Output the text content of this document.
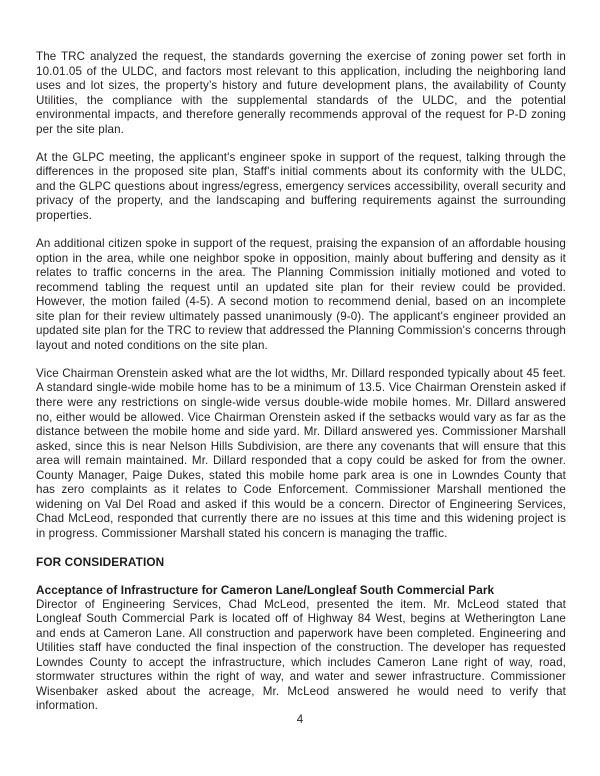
The TRC analyzed the request, the standards governing the exercise of zoning power set forth in 10.01.05 of the ULDC, and factors most relevant to this application, including the neighboring land uses and lot sizes, the property’s history and future development plans, the availability of County Utilities, the compliance with the supplemental standards of the ULDC, and the potential environmental impacts, and therefore generally recommends approval of the request for P-D zoning per the site plan.

At the GLPC meeting, the applicant's engineer spoke in support of the request, talking through the differences in the proposed site plan, Staff's initial comments about its conformity with the ULDC, and the GLPC questions about ingress/egress, emergency services accessibility, overall security and privacy of the property, and the landscaping and buffering requirements against the surrounding properties.

An additional citizen spoke in support of the request, praising the expansion of an affordable housing option in the area, while one neighbor spoke in opposition, mainly about buffering and density as it relates to traffic concerns in the area. The Planning Commission initially motioned and voted to recommend tabling the request until an updated site plan for their review could be provided. However, the motion failed (4-5). A second motion to recommend denial, based on an incomplete site plan for their review ultimately passed unanimously (9-0). The applicant's engineer provided an updated site plan for the TRC to review that addressed the Planning Commission's concerns through layout and noted conditions on the site plan.

Vice Chairman Orenstein asked what are the lot widths, Mr. Dillard responded typically about 45 feet. A standard single-wide mobile home has to be a minimum of 13.5. Vice Chairman Orenstein asked if there were any restrictions on single-wide versus double-wide mobile homes. Mr. Dillard answered no, either would be allowed. Vice Chairman Orenstein asked if the setbacks would vary as far as the distance between the mobile home and side yard. Mr. Dillard answered yes. Commissioner Marshall asked, since this is near Nelson Hills Subdivision, are there any covenants that will ensure that this area will remain maintained. Mr. Dillard responded that a copy could be asked for from the owner. County Manager, Paige Dukes, stated this mobile home park area is one in Lowndes County that has zero complaints as it relates to Code Enforcement. Commissioner Marshall mentioned the widening on Val Del Road and asked if this would be a concern. Director of Engineering Services, Chad McLeod, responded that currently there are no issues at this time and this widening project is in progress. Commissioner Marshall stated his concern is managing the traffic.

FOR CONSIDERATION
Acceptance of Infrastructure for Cameron Lane/Longleaf South Commercial Park

Director of Engineering Services, Chad McLeod, presented the item. Mr. McLeod stated that Longleaf South Commercial Park is located off of Highway 84 West, begins at Wetherington Lane and ends at Cameron Lane. All construction and paperwork have been completed. Engineering and Utilities staff have conducted the final inspection of the construction. The developer has requested Lowndes County to accept the infrastructure, which includes Cameron Lane right of way, road, stormwater structures within the right of way, and water and sewer infrastructure. Commissioner Wisenbaker asked about the acreage, Mr. McLeod answered he would need to verify that information.

4
